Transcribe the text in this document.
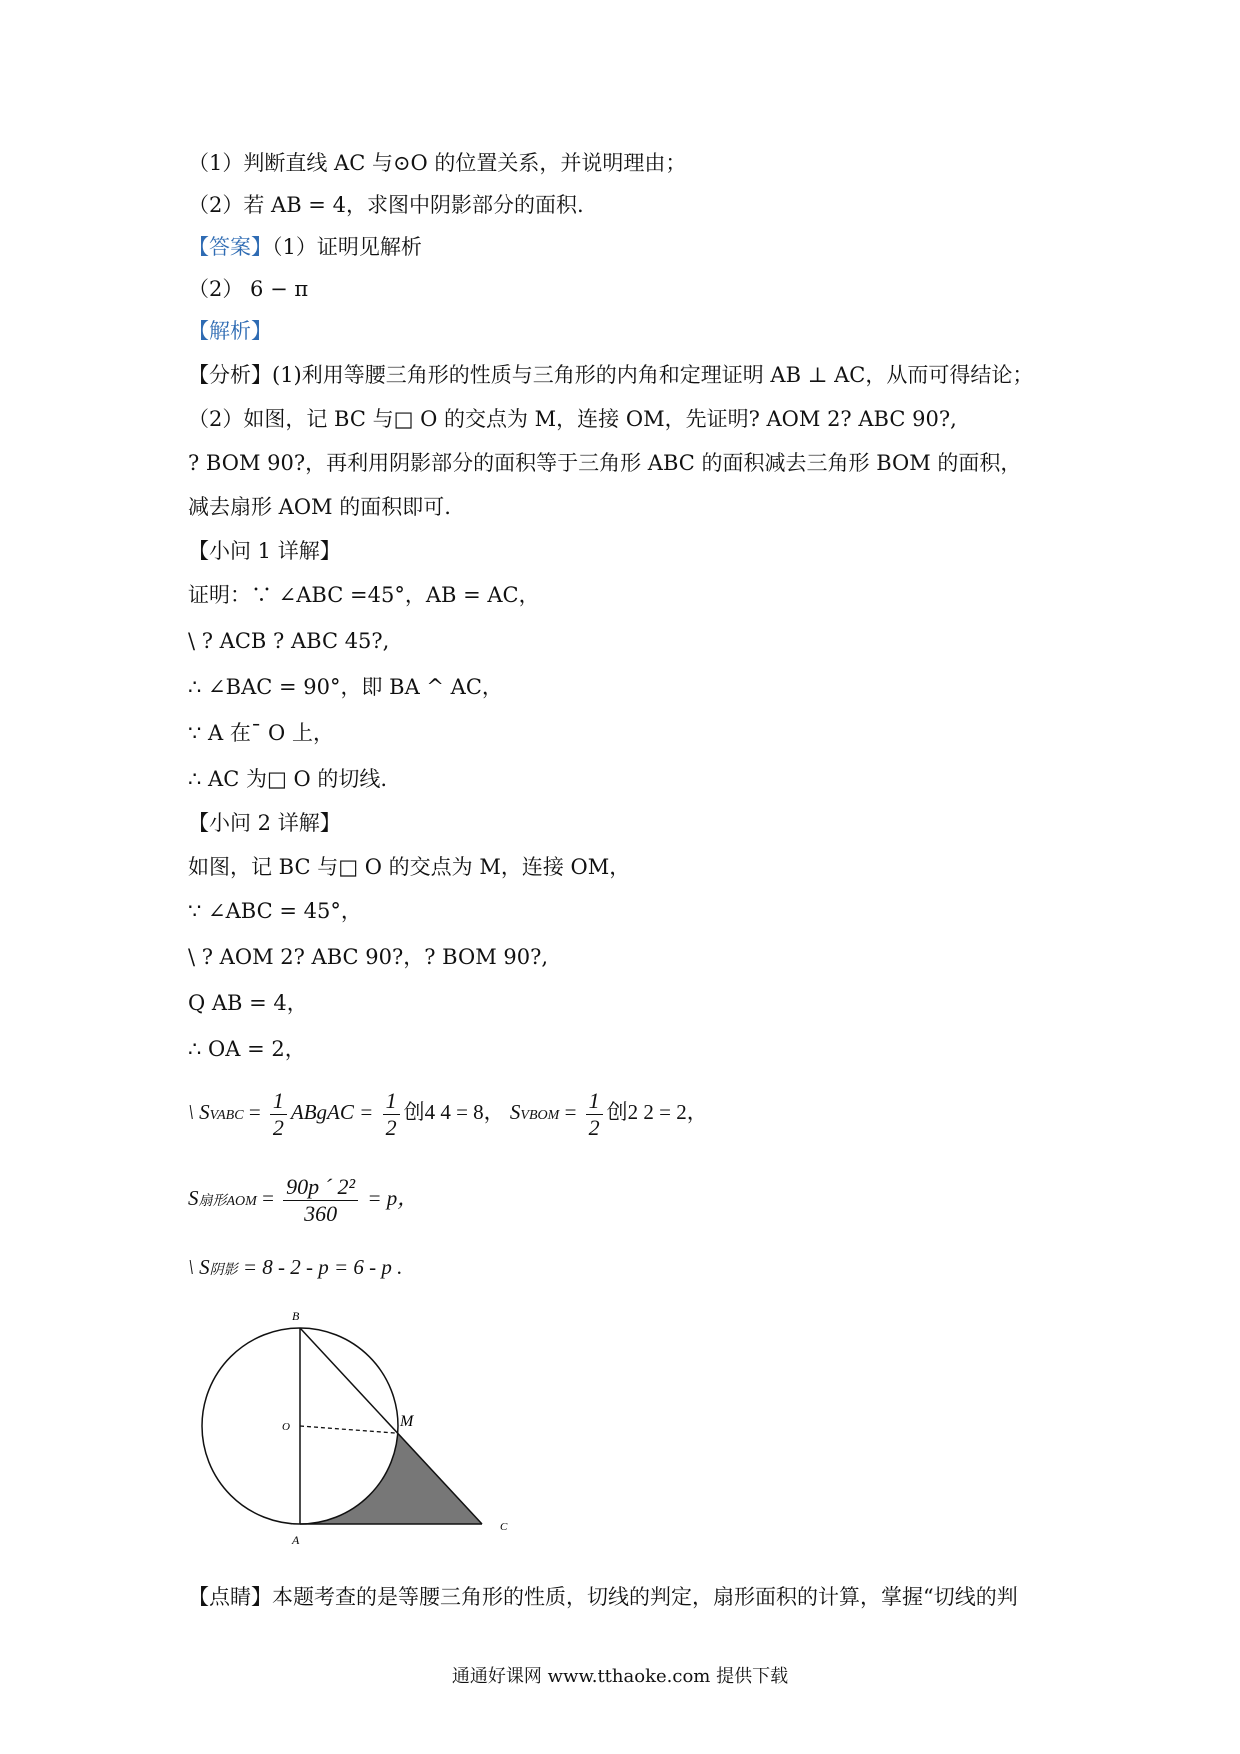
（1）判断直线 AC 与⊙O 的位置关系，并说明理由；
（2）若 AB = 4，求图中阴影部分的面积.
【答案】（1）证明见解析
（2） 6 − π
【解析】
【分析】(1)利用等腰三角形的性质与三角形的内角和定理证明 AB ⊥ AC，从而可得结论；
（2）如图，记 BC 与□ O 的交点为 M，连接 OM，先证明? AOM 2? ABC 90?,
? BOM 90?，再利用阴影部分的面积等于三角形 ABC 的面积减去三角形 BOM 的面积，
减去扇形 AOM 的面积即可.
【小问 1 详解】
证明：∵ ∠ABC =45°，AB = AC，
\ ? ACB ? ABC 45?,
∴ ∠BAC = 90°，即 BA ^ AC，
∵ A 在¯ O 上，
∴ AC 为□ O 的切线.
【小问 2 详解】
如图，记 BC 与□ O 的交点为 M，连接 OM，
∵ ∠ABC = 45°，
\ ? AOM 2? ABC 90?，? BOM 90?,
Q AB = 4，
∴ OA = 2，
\ SVABC = $\frac{1}{2}$ ABgAC = $\frac{1}{2}$ 创4 4 = 8， SVBOM = $\frac{1}{2}$ 创2 2 = 2，
S扇形AOM = $\frac{\text{90p ´ 2²}}{360} = p$，
\ S阴影 = 8 - 2 - p = 6 - p .
B
O	M
A
C
【点睛】本题考查的是等腰三角形的性质，切线的判定，扇形面积的计算，掌握“切线的判
通通好课网 www.tthaoke.com 提供下载
